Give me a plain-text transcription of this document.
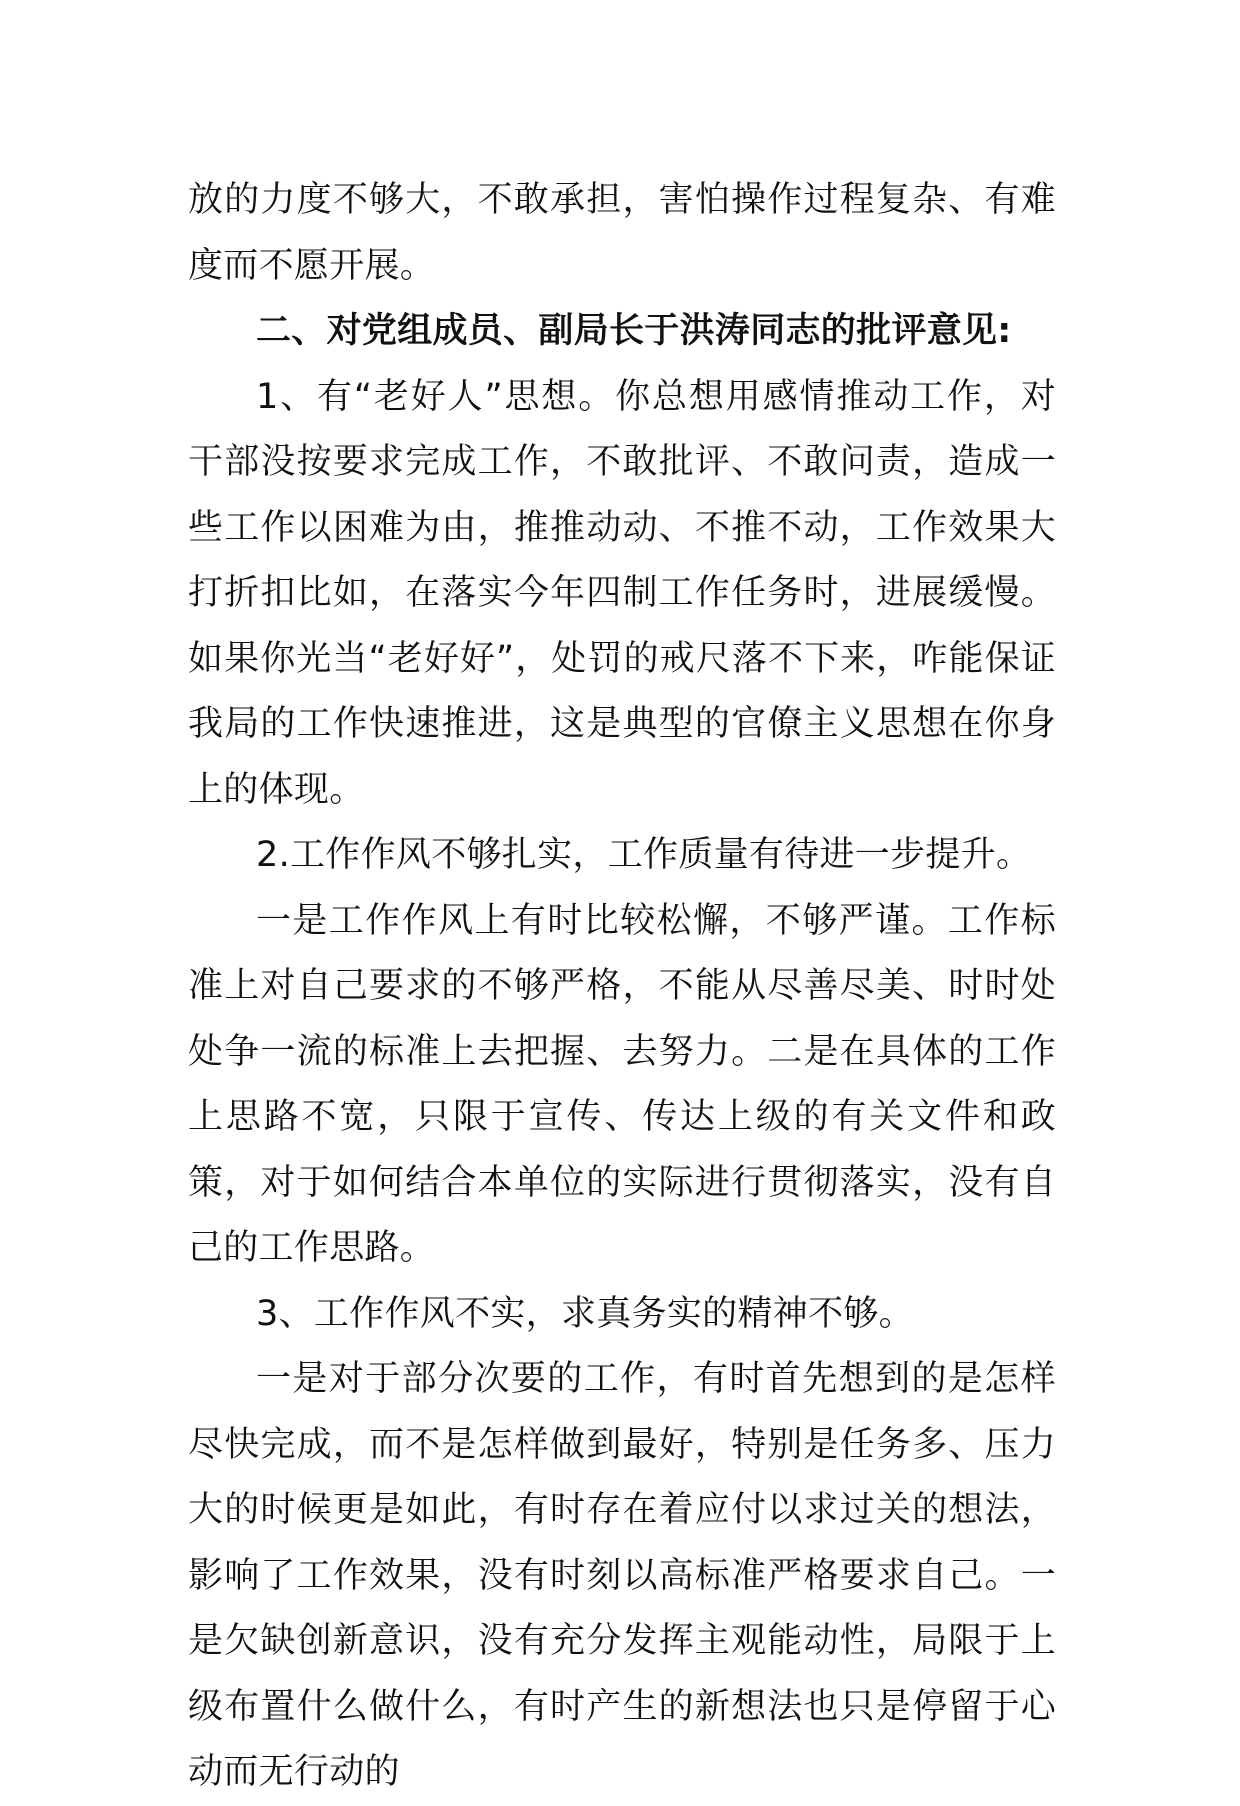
放的力度不够大，不敢承担，害怕操作过程复杂、有难度而不愿开展。

二、对党组成员、副局长于洪涛同志的批评意见:

1、有“老好人”思想。你总想用感情推动工作，对干部没按要求完成工作，不敢批评、不敢问责，造成一些工作以困难为由，推推动动、不推不动，工作效果大打折扣比如，在落实今年四制工作任务时，进展缓慢。如果你光当“老好好”，处罚的戒尺落不下来，咋能保证我局的工作快速推进，这是典型的官僚主义思想在你身上的体现。

2.工作作风不够扎实，工作质量有待进一步提升。

一是工作作风上有时比较松懈，不够严谨。工作标准上对自己要求的不够严格，不能从尽善尽美、时时处处争一流的标准上去把握、去努力。二是在具体的工作上思路不宽，只限于宣传、传达上级的有关文件和政策，对于如何结合本单位的实际进行贯彻落实，没有自己的工作思路。

3、工作作风不实，求真务实的精神不够。

一是对于部分次要的工作，有时首先想到的是怎样尽快完成，而不是怎样做到最好，特别是任务多、压力大的时候更是如此，有时存在着应付以求过关的想法，影响了工作效果，没有时刻以高标准严格要求自己。一是欠缺创新意识，没有充分发挥主观能动性，局限于上级布置什么做什么，有时产生的新想法也只是停留于心动而无行动的
